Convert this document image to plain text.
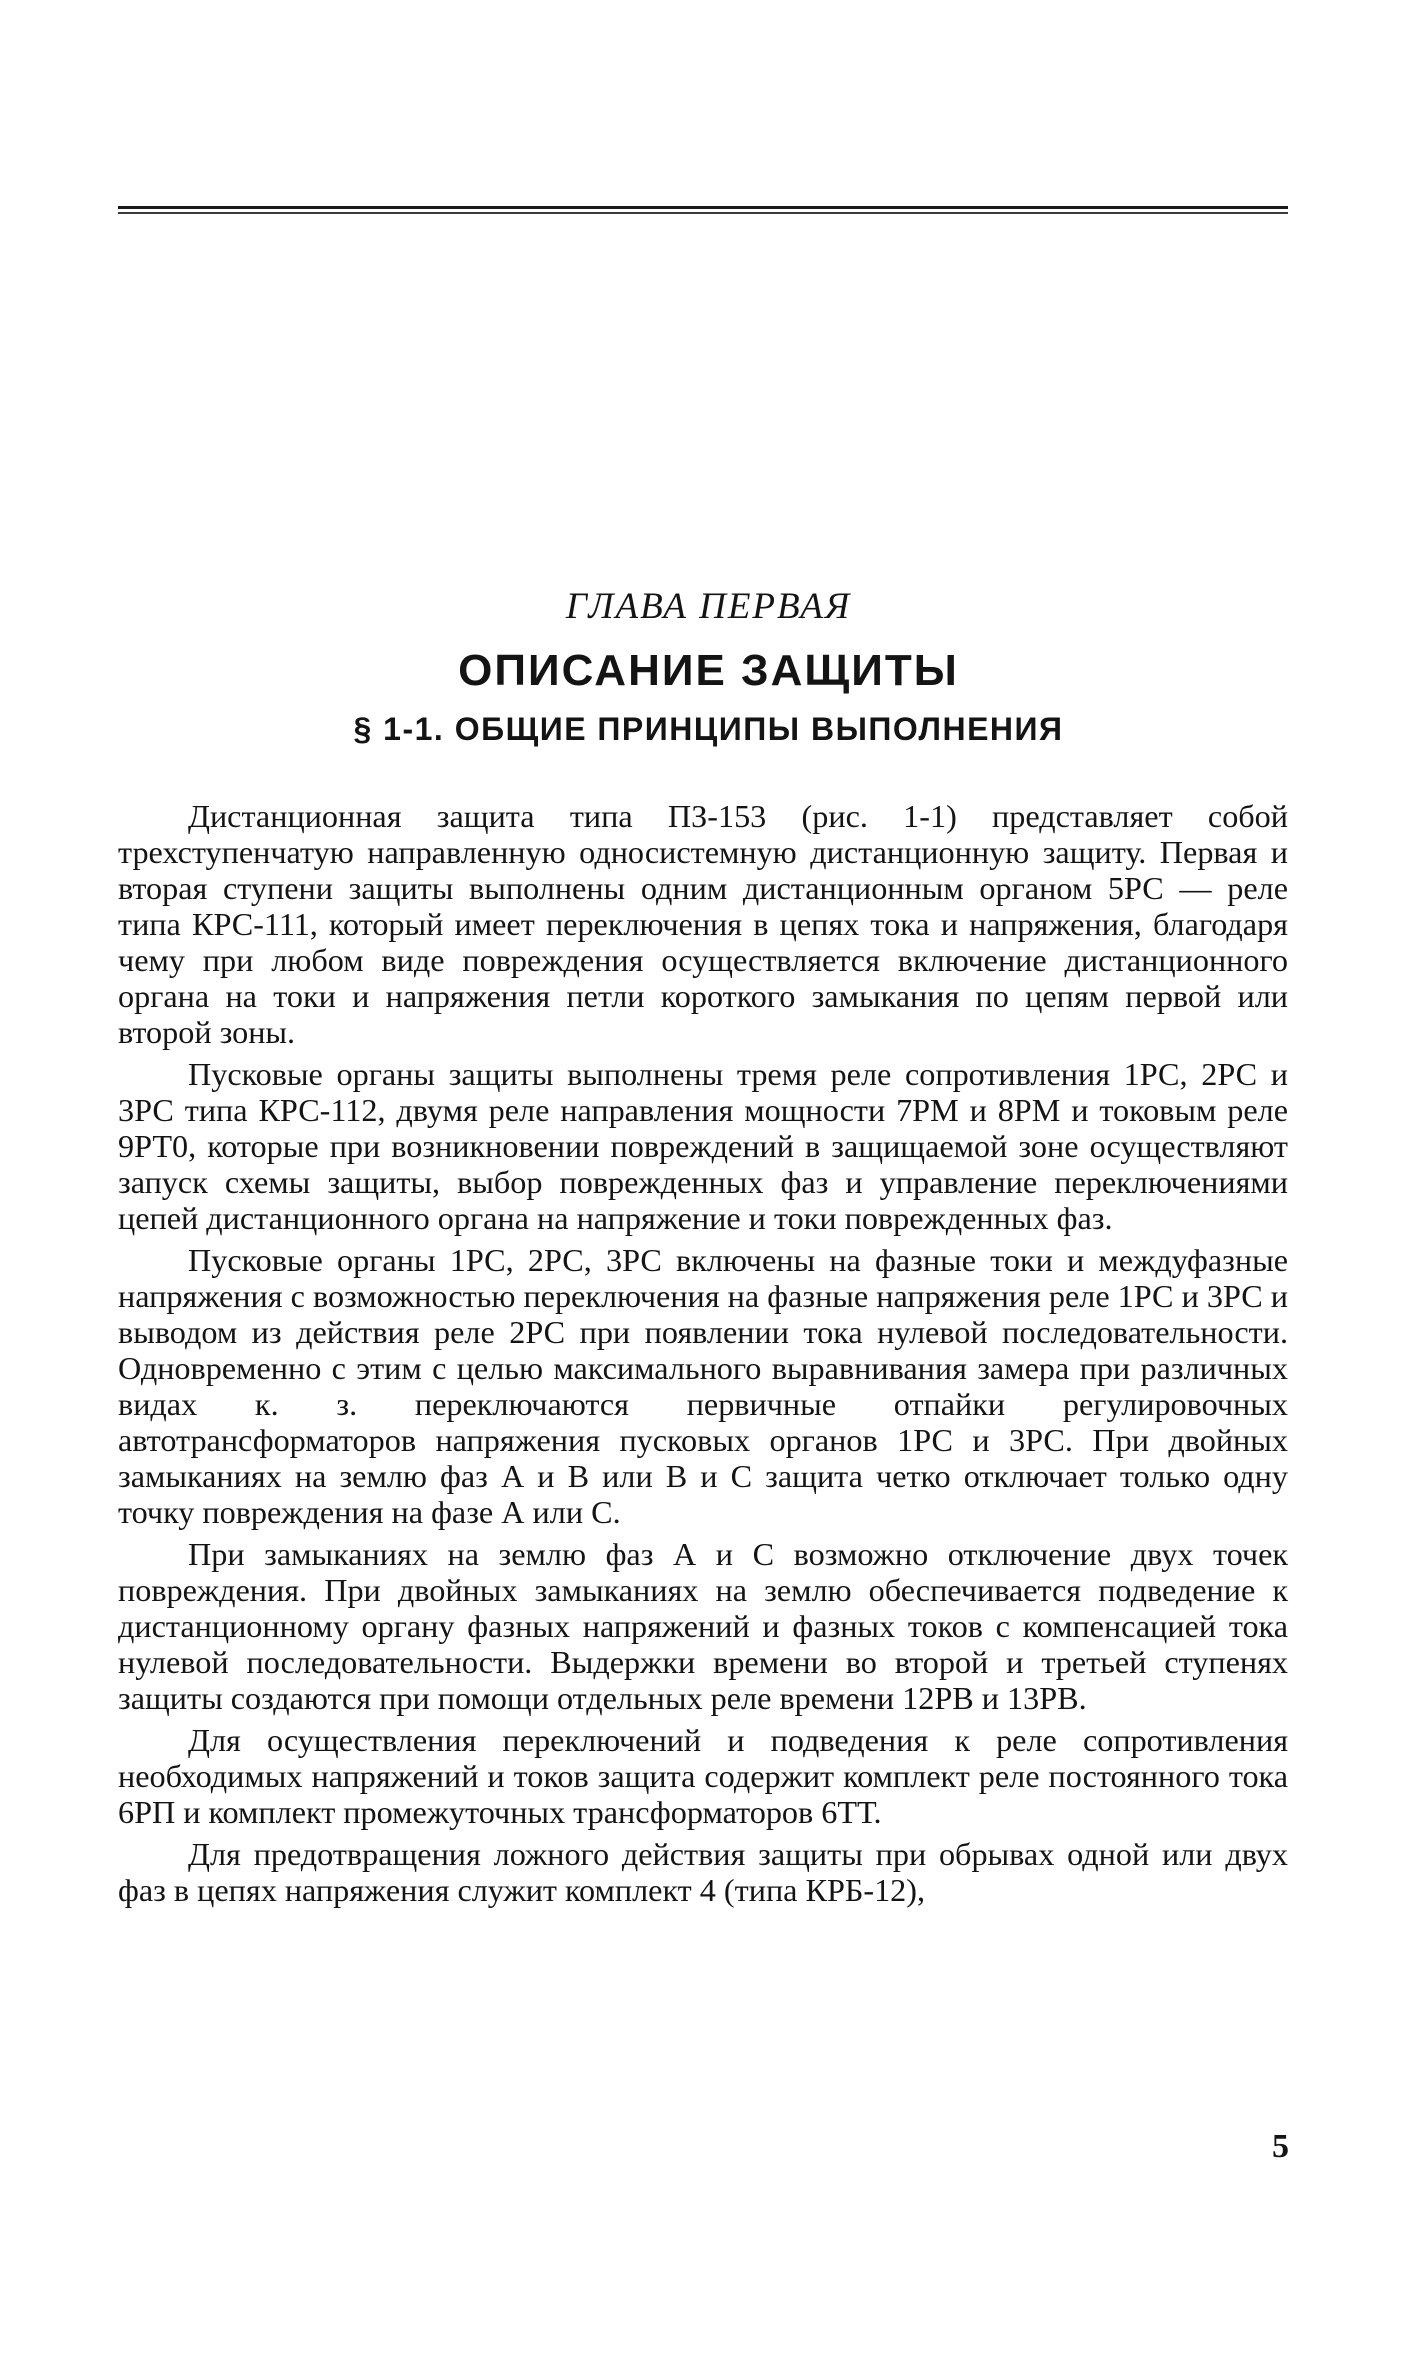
ГЛАВА ПЕРВАЯ
ОПИСАНИЕ ЗАЩИТЫ
§ 1-1. ОБЩИЕ ПРИНЦИПЫ ВЫПОЛНЕНИЯ

Дистанционная защита типа ПЗ-153 (рис. 1-1) представляет собой трехступенчатую направленную односистемную дистанционную защиту. Первая и вторая ступени защиты выполнены одним дистанционным органом 5РС — реле типа КРС-111, который имеет переключения в цепях тока и напряжения, благодаря чему при любом виде повреждения осуществляется включение дистанционного органа на токи и напряжения петли короткого замыкания по цепям первой или второй зоны.

Пусковые органы защиты выполнены тремя реле сопротивления 1РС, 2РС и 3РС типа КРС-112, двумя реле направления мощности 7РМ и 8РМ и токовым реле 9РТ0, которые при возникновении повреждений в защищаемой зоне осуществляют запуск схемы защиты, выбор поврежденных фаз и управление переключениями цепей дистанционного органа на напряжение и токи поврежденных фаз.

Пусковые органы 1РС, 2РС, 3РС включены на фазные токи и междуфазные напряжения с возможностью переключения на фазные напряжения реле 1РС и 3РС и выводом из действия реле 2РС при появлении тока нулевой последовательности. Одновременно с этим с целью максимального выравнивания замера при различных видах к. з. переключаются первичные отпайки регулировочных автотрансформаторов напряжения пусковых органов 1РС и 3РС. При двойных замыканиях на землю фаз А и В или В и С защита четко отключает только одну точку повреждения на фазе А или С.

При замыканиях на землю фаз А и С возможно отключение двух точек повреждения. При двойных замыканиях на землю обеспечивается подведение к дистанционному органу фазных напряжений и фазных токов с компенсацией тока нулевой последовательности. Выдержки времени во второй и третьей ступенях защиты создаются при помощи отдельных реле времени 12РВ и 13РВ.

Для осуществления переключений и подведения к реле сопротивления необходимых напряжений и токов защита содержит комплект реле постоянного тока 6РП и комплект промежуточных трансформаторов 6ТТ.

Для предотвращения ложного действия защиты при обрывах одной или двух фаз в цепях напряжения служит комплект 4 (типа КРБ-12),

5
